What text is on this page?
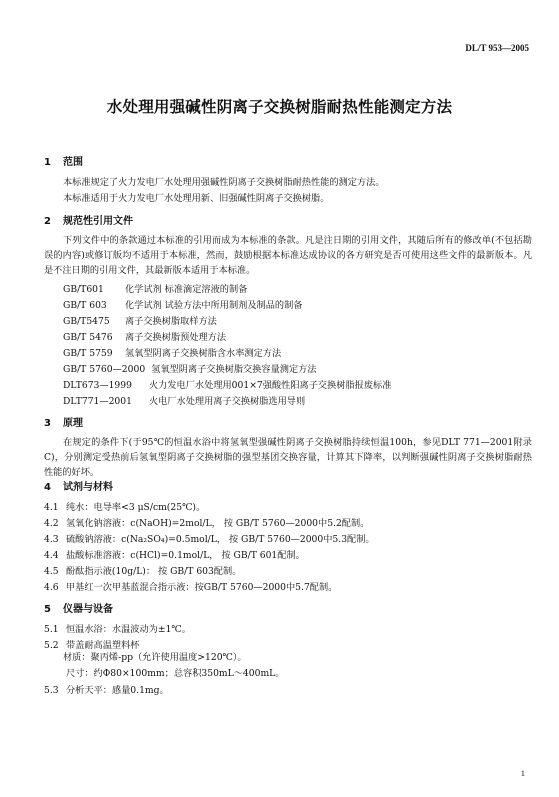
DL/T 953—2005
水处理用强碱性阴离子交换树脂耐热性能测定方法
1 范围
本标准规定了火力发电厂水处理用强碱性阴离子交换树脂耐热性能的测定方法。
本标准适用于火力发电厂水处理用新、旧强碱性阴离子交换树脂。
2 规范性引用文件
下列文件中的条款通过本标准的引用而成为本标准的条款。凡是注日期的引用文件，其随后所有的修改单(不包括勘误的内容)或修订版均不适用于本标准，然而，鼓励根据本标准达成协议的各方研究是否可使用这些文件的最新版本。凡是不注日期的引用文件，其最新版本适用于本标准。
GB/T601 化学试剂 标准滴定溶液的制备
GB/T 603 化学试剂 试验方法中所用制剂及制品的制备
GB/T5475 离子交换树脂取样方法
GB/T 5476 离子交换树脂预处理方法
GB/T 5759 氢氧型阴离子交换树脂含水率测定方法
GB/T 5760—2000 氢氧型阴离子交换树脂交换容量测定方法
DLT673—1999 火力发电厂水处理用001×7强酸性阳离子交换树脂报废标准
DLT771—2001 火电厂水处理用离子交换树脂选用导则
3 原理
在规定的条件下(于95℃的恒温水浴中将氢氧型强碱性阴离子交换树脂持续恒温100h，参见DLT 771—2001附录C)，分别测定受热前后氢氧型阴离子交换树脂的强型基团交换容量，计算其下降率，以判断强碱性阴离子交换树脂耐热性能的好坏。
4 试剂与材料
4.1 纯水：电导率<3 μS/cm(25℃)。
4.2 氢氧化钠溶液：c(NaOH)=2mol/L， 按 GB/T 5760—2000中5.2配制。
4.3 硫酸钠溶液：c(Na₂SO₄)=0.5mol/L， 按 GB/T 5760—2000中5.3配制。
4.4 盐酸标准溶液：c(HCl)=0.1mol/L， 按 GB/T 601配制。
4.5 酚酞指示液(10g/L)： 按 GB/T 603配制。
4.6 甲基红一次甲基蓝混合指示液：按GB/T 5760—2000中5.7配制。
5 仪器与设备
5.1 恒温水浴：水温波动为±1℃。
5.2 带盖耐高温塑料杯
材质：聚丙烯-pp（允许使用温度>120℃）。
尺寸：约Φ80×100mm；总容积350mL～400mL。
5.3 分析天平：感量0.1mg。
1
